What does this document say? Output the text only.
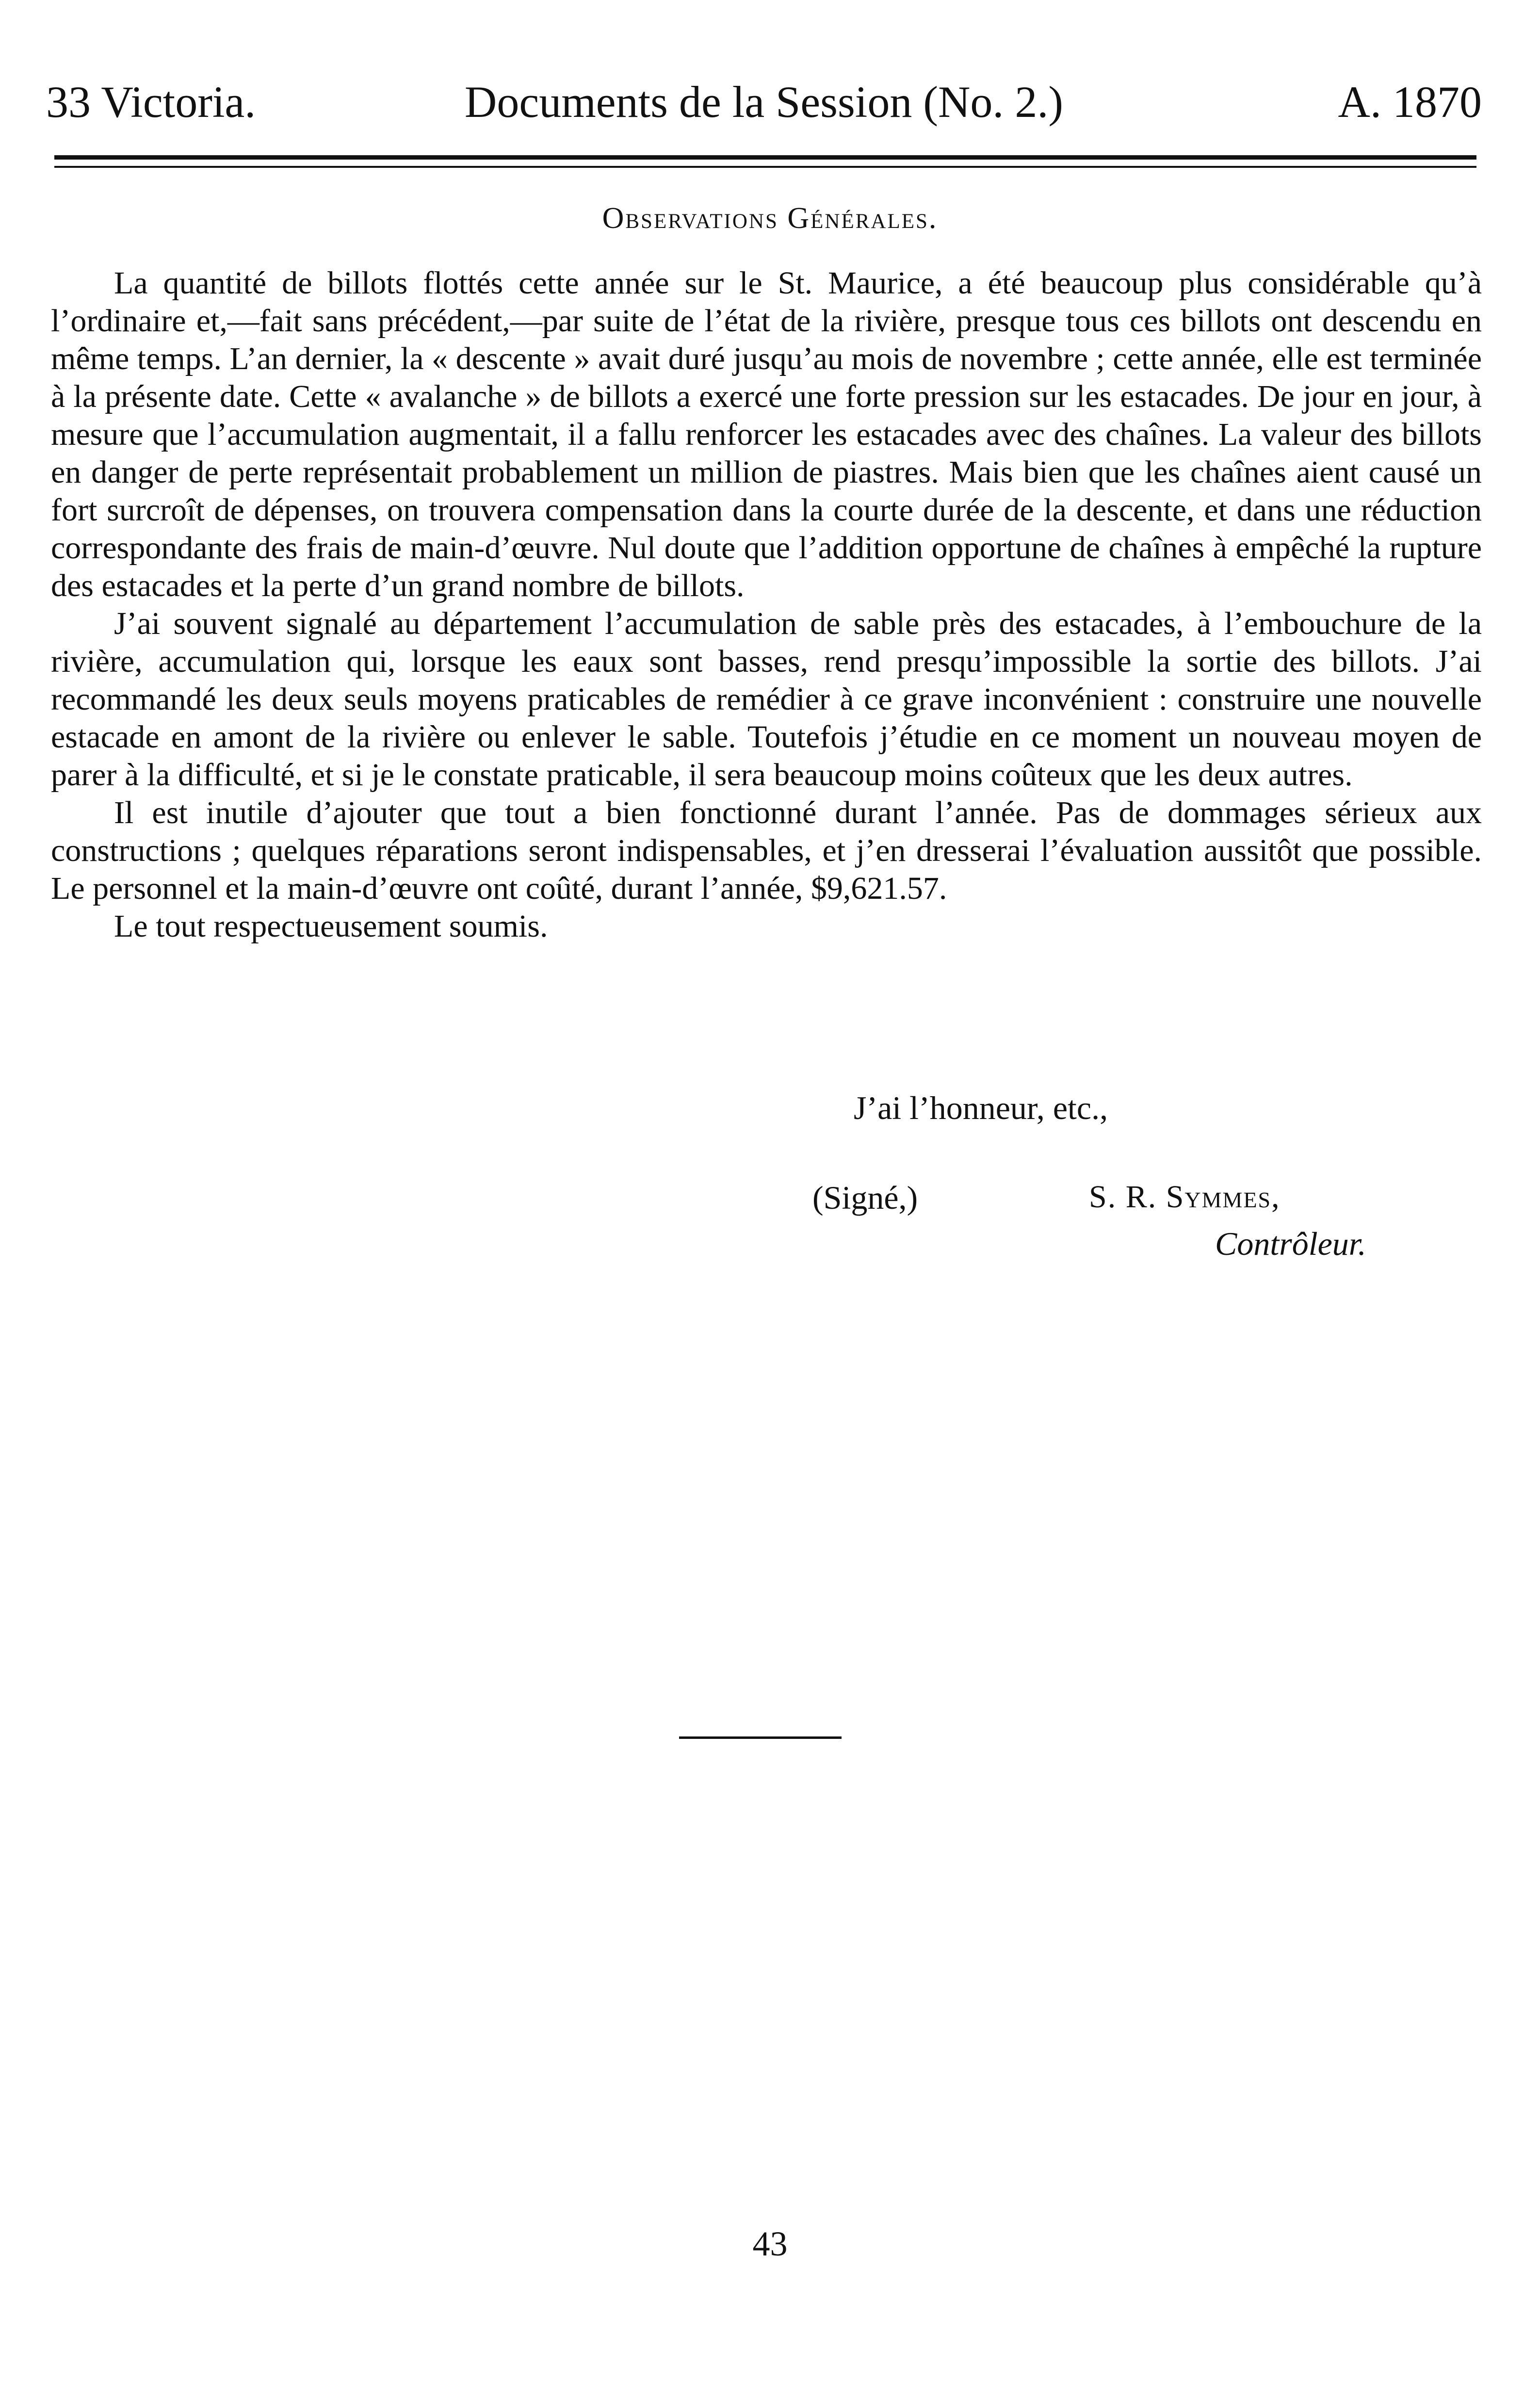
Documents de la Session (No. 2.)
33 Victoria.	A. 1870
Observations Générales.

La quantité de billots flottés cette année sur le St. Maurice, a été beaucoup plus considérable qu’à l’ordinaire et,—fait sans précédent,—par suite de l’état de la rivière, presque tous ces billots ont descendu en même temps. L’an dernier, la « descente » avait duré jusqu’au mois de novembre ; cette année, elle est terminée à la présente date. Cette « avalanche » de billots a exercé une forte pression sur les estacades. De jour en jour, à mesure que l’accumulation augmentait, il a fallu renforcer les estacades avec des chaînes. La valeur des billots en danger de perte représentait probablement un million de piastres. Mais bien que les chaînes aient causé un fort surcroît de dépenses, on trouvera compensation dans la courte durée de la descente, et dans une réduction correspondante des frais de main-d’œuvre. Nul doute que l’addition opportune de chaînes à empêché la rupture des estacades et la perte d’un grand nombre de billots.

J’ai souvent signalé au département l’accumulation de sable près des estacades, à l’embouchure de la rivière, accumulation qui, lorsque les eaux sont basses, rend presqu’impossible la sortie des billots. J’ai recommandé les deux seuls moyens praticables de remédier à ce grave inconvénient : construire une nouvelle estacade en amont de la rivière ou enlever le sable. Toutefois j’étudie en ce moment un nouveau moyen de parer à la difficulté, et si je le constate praticable, il sera beaucoup moins coûteux que les deux autres.

Il est inutile d’ajouter que tout a bien fonctionné durant l’année. Pas de dommages sérieux aux constructions ; quelques réparations seront indispensables, et j’en dresserai l’évaluation aussitôt que possible. Le personnel et la main-d’œuvre ont coûté, durant l’année, $9,621.57.

Le tout respectueusement soumis.

J’ai l’honneur, etc.,
(Signé,)	S. R. Symmes,
Contrôleur.
43
